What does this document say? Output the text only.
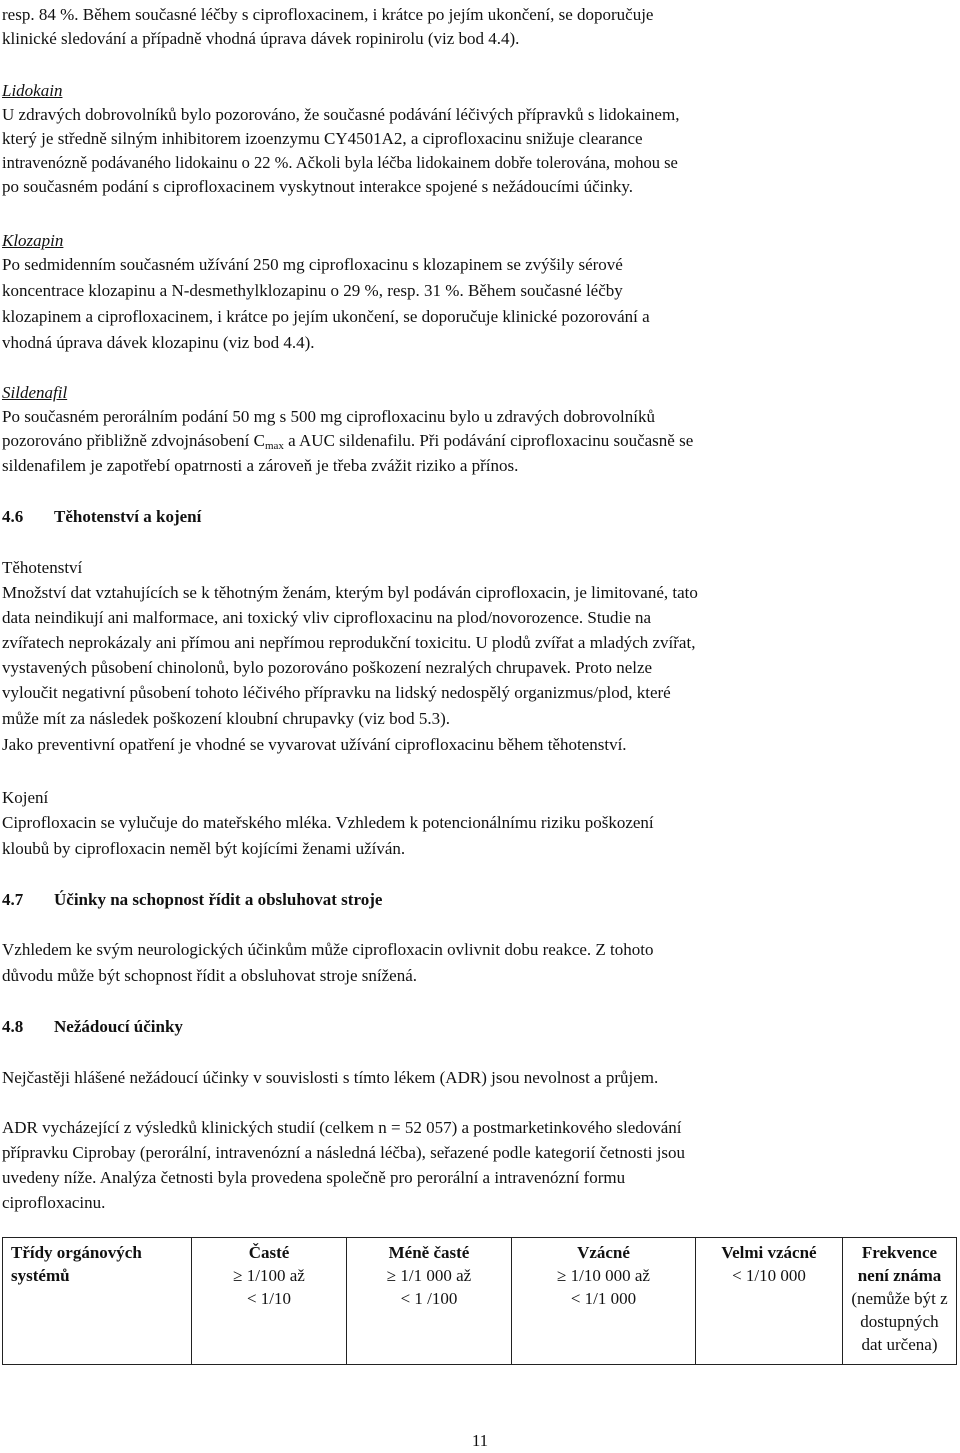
resp. 84 %. Během současné léčby s ciprofloxacinem, i krátce po jejím ukončení, se doporučuje
klinické sledování a případně vhodná úprava dávek ropinirolu (viz bod 4.4).
Lidokain
U zdravých dobrovolníků bylo pozorováno, že současné podávání léčivých přípravků s lidokainem,
který je středně silným inhibitorem izoenzymu CY4501A2, a ciprofloxacinu snižuje clearance
intravenózně podávaného lidokainu o 22 %. Ačkoli byla léčba lidokainem dobře tolerována, mohou se
po současném podání s ciprofloxacinem vyskytnout interakce spojené s nežádoucími účinky.
Klozapin
Po sedmidenním současném užívání 250 mg ciprofloxacinu s klozapinem se zvýšily sérové
koncentrace klozapinu a N-desmethylklozapinu o 29 %, resp. 31 %. Během současné léčby
klozapinem a ciprofloxacinem, i krátce po jejím ukončení, se doporučuje klinické pozorování a
vhodná úprava dávek klozapinu (viz bod 4.4).
Sildenafil
Po současném perorálním podání 50 mg s 500 mg ciprofloxacinu bylo u zdravých dobrovolníků
pozorováno přibližně zdvojnásobení $C_{max}$ a AUC sildenafilu. Při podávání ciprofloxacinu současně se
sildenafilem je zapotřebí opatrnosti a zároveň je třeba zvážit riziko a přínos.
4.6 Těhotenství a kojení
Těhotenství
Množství dat vztahujících se k těhotným ženám, kterým byl podáván ciprofloxacin, je limitované, tato
data neindikují ani malformace, ani toxický vliv ciprofloxacinu na plod/novorozence. Studie na
zvířatech neprokázaly ani přímou ani nepřímou reprodukční toxicitu. U plodů zvířat a mladých zvířat,
vystavených působení chinolonů, bylo pozorováno poškození nezralých chrupavek. Proto nelze
vyloučit negativní působení tohoto léčivého přípravku na lidský nedospělý organizmus/plod, které
může mít za následek poškození kloubní chrupavky (viz bod 5.3).
Jako preventivní opatření je vhodné se vyvarovat užívání ciprofloxacinu během těhotenství.
Kojení
Ciprofloxacin se vylučuje do mateřského mléka. Vzhledem k potencionálnímu riziku poškození
kloubů by ciprofloxacin neměl být kojícími ženami užíván.
4.7 Účinky na schopnost řídit a obsluhovat stroje
Vzhledem ke svým neurologických účinkům může ciprofloxacin ovlivnit dobu reakce. Z tohoto
důvodu může být schopnost řídit a obsluhovat stroje snížená.
4.8 Nežádoucí účinky
Nejčastěji hlášené nežádoucí účinky v souvislosti s tímto lékem (ADR) jsou nevolnost a průjem.
ADR vycházející z výsledků klinických studií (celkem n = 52 057) a postmarketinkového sledování
přípravku Ciprobay (perorální, intravenózní a následná léčba), seřazené podle kategorií četnosti jsou
uvedeny níže. Analýza četnosti byla provedena společně pro perorální a intravenózní formu
ciprofloxacinu.
Třídy orgánových
systémů

Časté
≥ 1/100 až
< 1/10

Méně časté
≥ 1/1 000 až
< 1 /100

Vzácné
≥ 1/10 000 až
< 1/1 000

Velmi vzácné
< 1/10 000

Frekvence
není známa
(nemůže být z
dostupných
dat určena)
11
